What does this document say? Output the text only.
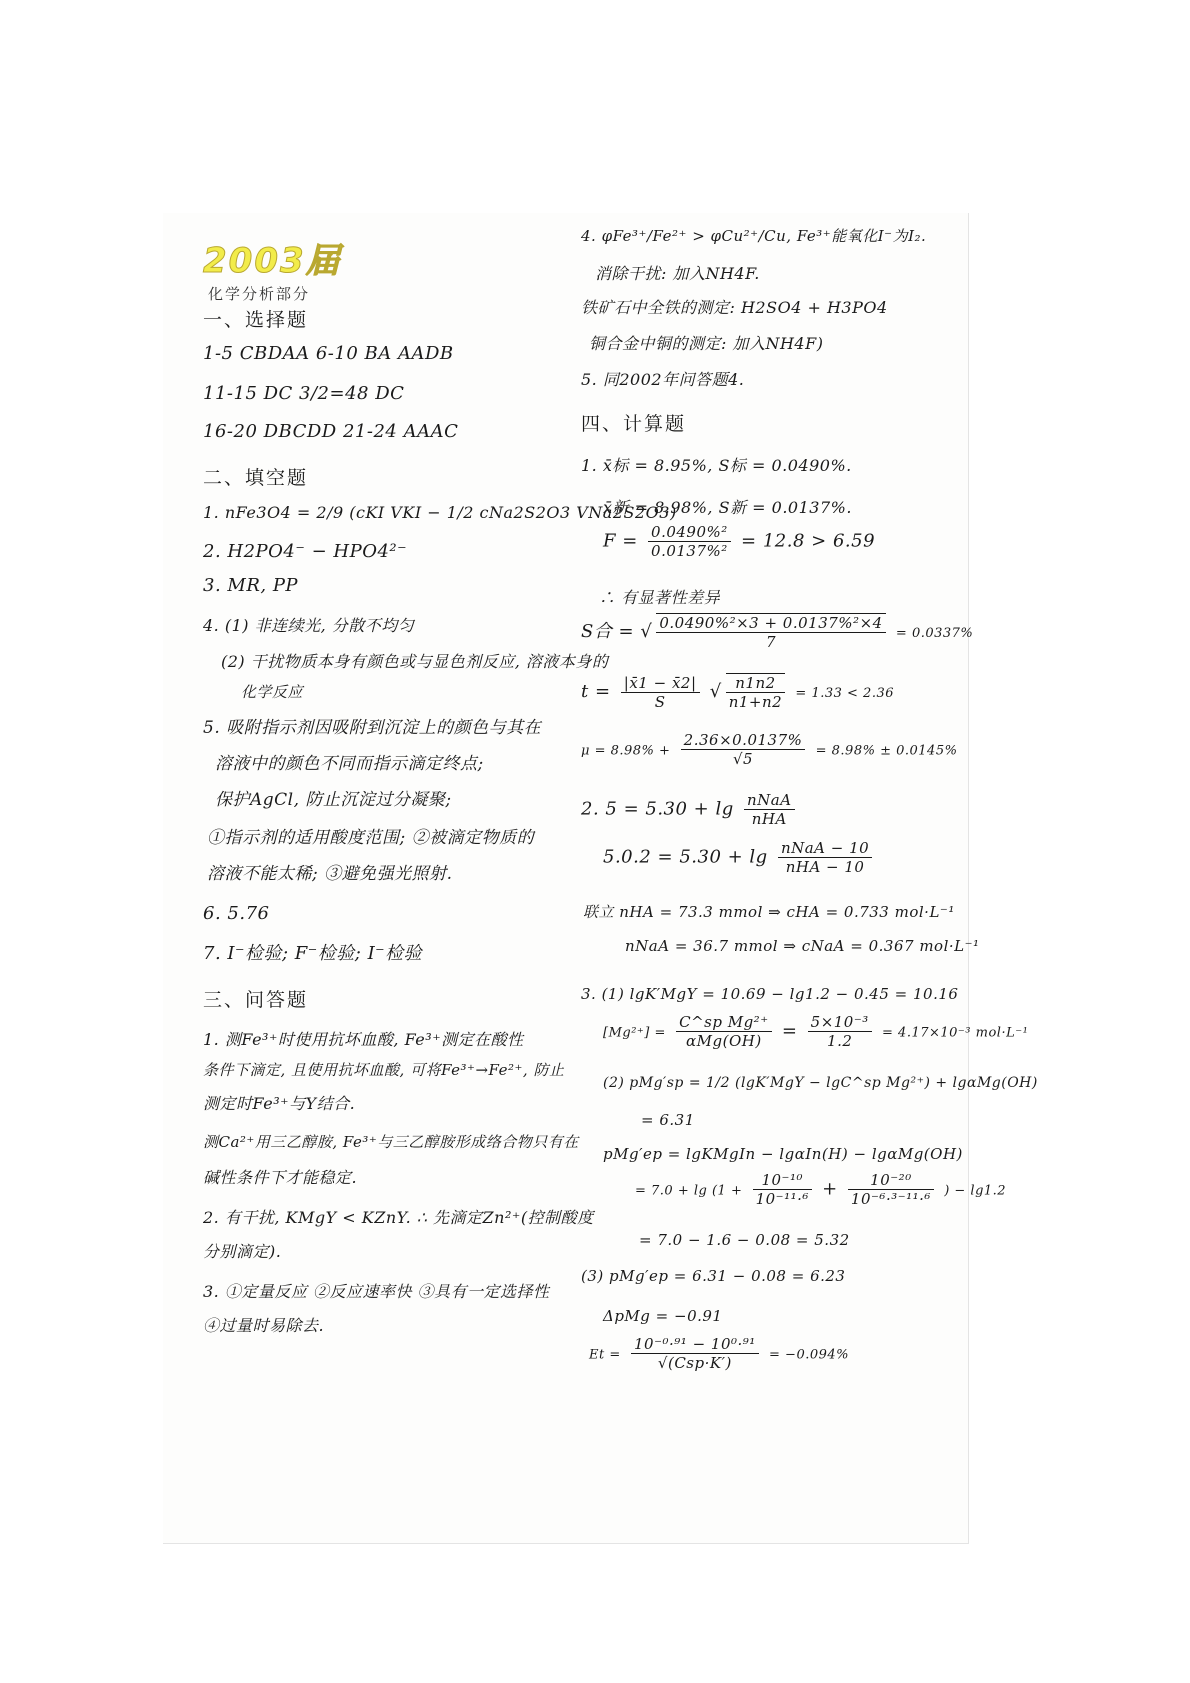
2003届
化学分析部分
一、选择题
1-5 CBDAA 6-10 BA AADB
11-15 DC 3/2=48 DC
16-20 DBCDD 21-24 AAAC
二、填空题
1. nFe3O4 = 2/9 (cKI VKI − 1/2 cNa2S2O3 VNa2S2O3)
2. H2PO4⁻ − HPO4²⁻
3. MR, PP
4. (1) 非连续光, 分散不均匀
(2) 干扰物质本身有颜色或与显色剂反应, 溶液本身的
化学反应
5. 吸附指示剂因吸附到沉淀上的颜色与其在
溶液中的颜色不同而指示滴定终点;
保护AgCl, 防止沉淀过分凝聚;
①指示剂的适用酸度范围; ②被滴定物质的
溶液不能太稀; ③避免强光照射.
6. 5.76
7. I⁻检验; F⁻检验; I⁻检验
三、问答题
1. 测Fe³⁺时使用抗坏血酸, Fe³⁺测定在酸性
条件下滴定, 且使用抗坏血酸, 可将Fe³⁺→Fe²⁺, 防止
测定时Fe³⁺与Y结合.
测Ca²⁺用三乙醇胺, Fe³⁺与三乙醇胺形成络合物只有在
碱性条件下才能稳定.
2. 有干扰, KMgY < KZnY. ∴ 先滴定Zn²⁺(控制酸度
分别滴定).
3. ①定量反应 ②反应速率快 ③具有一定选择性
④过量时易除去.
4. φFe³⁺/Fe²⁺ > φCu²⁺/Cu, Fe³⁺能氧化I⁻为I₂.
消除干扰: 加入NH4F.
铁矿石中全铁的测定: H2SO4 + H3PO4
铜合金中铜的测定: 加入NH4F)
5. 同2002年问答题4.
四、计算题
1. x̄标 = 8.95%, S标 = 0.0490%.
x̄新 = 8.98%, S新 = 0.0137%.
$F = \frac{\text{0.0490\%²}}{\text{0.0137\%²}} = 12.8 > 6.59$
∴ 有显著性差异
S合 = √ $\frac{\text{0.0490\%²×3 + 0.0137\%²×4}}{7} = 0.0337\%$
$t = \frac{|x̄1 - x̄2|}{S}$ √ $\frac{n1n2}{n1+n2} = 1.33 < 2.36$
$\mu = 8.98\% + \frac{2.36\times 0.0137\%}{√5} = 8.98\% \pm 0.0145\%$
2. $5 = 5.30 + \lg \frac{\text{nNaA}}{\text{nHA}}$
$5.0.2 = 5.30 + \lg \frac{\text{nNaA − 10}}{\text{nHA − 10}}$
联立 nHA = 73.3 mmol ⇒ cHA = 0.733 mol·L⁻¹
nNaA = 36.7 mmol ⇒ cNaA = 0.367 mol·L⁻¹
3. (1) lgK′MgY = 10.69 − lg1.2 − 0.45 = 10.16
$[Mg^{2+}] = \frac{\text{C\textasciicircum{}sp Mg²⁺}}{\text{αMg(OH)}} = \frac{\text{5×10⁻³}}{1.2} = 4.17\times 10^{-3}$ mol·L⁻¹
(2) pMg′sp = 1/2 (lgK′MgY − lgC^sp Mg²⁺) + lgαMg(OH)
= 6.31
pMg′ep = lgKMgIn − lgαIn(H) − lgαMg(OH)
= $7.0 + \lg (1 + \frac{\text{10⁻¹⁰}}{\text{10⁻¹¹·⁶}} + \frac{\text{10⁻²⁰}}{\text{10⁻⁶·³⁻¹¹·⁶}}$ ) − lg1.2
= 7.0 − 1.6 − 0.08 = 5.32
(3) pMg′ep = 6.31 − 0.08 = 6.23
ΔpMg = −0.91
$Et = \frac{\text{10⁻⁰·⁹¹ − 10⁰·⁹¹}}{\text{√(Csp·K′)}} = -0.094\%$
